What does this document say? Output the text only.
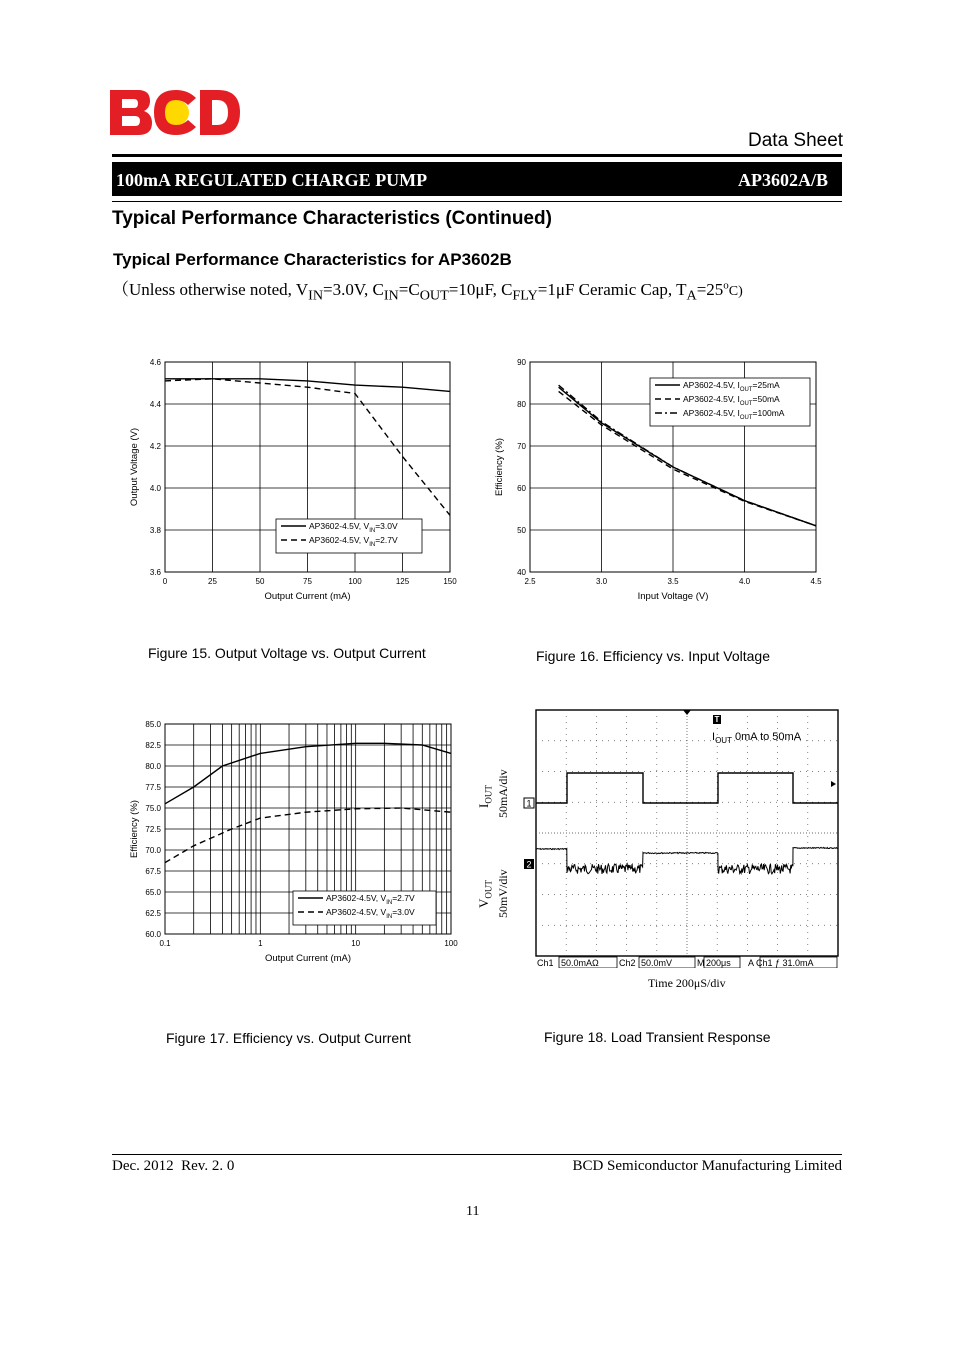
Data Sheet
100mA REGULATED CHARGE PUMP	AP3602A/B
Typical Performance Characteristics (Continued)
Typical Performance Characteristics for AP3602B
（Unless otherwise noted, $V_{IN}=3.0V$, $C_{IN}=C_{OUT}=10\mu F$, $C_{FLY}=1\mu F$ Ceramic Cap, $T_A=25^oC$)
0	25	50	75	100	125	150
3.6
3.8
4.0
4.2
4.4
4.6
Output Current (mA)
Output Voltage (V)
AP3602-4.5V, $V_{IN}=3.0V$
AP3602-4.5V, $V_{IN}=2.7V$
2.5	3.0	3.5	4.0	4.5
40
50
60
70
80
90
Input Voltage (V)
Efficiency (%)
AP3602-4.5V, $I_{OUT}=25mA$
AP3602-4.5V, $I_{OUT}=50mA$
AP3602-4.5V, $I_{OUT}=100mA$
0.1	1	10	100
60.0
62.5
65.0
67.5
70.0
72.5
75.0
77.5
80.0
82.5
85.0
Output Current (mA)
Efficiency (%)
AP3602-4.5V, $V_{IN}=2.7V$
AP3602-4.5V, $V_{IN}=3.0V$
Figure 15. Output Voltage vs. Output Current	Figure 16. Efficiency vs. Input Voltage
Figure 17. Efficiency vs. Output Current	Figure 18. Load Transient Response
$I_{OUT}$ 50mA/div
$V_{OUT}$ 50mV/div
T
$I_{OUT}$ 0mA to 50mA
1
2
Ch1 50.0mAΩ Ch2 50.0mV	M 200μs A Ch1 ƒ 31.0mA
Time 200μS/div
Dec. 2012  Rev. 2. 0	BCD Semiconductor Manufacturing Limited
11
